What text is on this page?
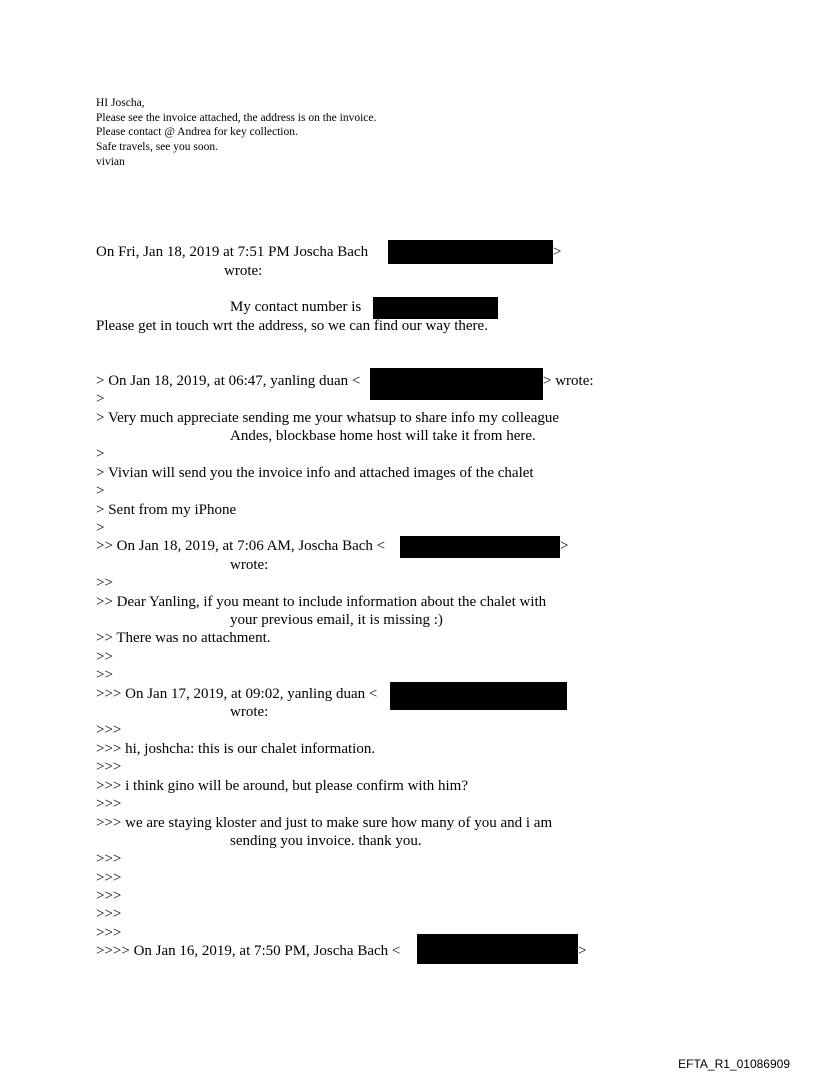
HI Joscha,
Please see the invoice attached, the address is on the invoice.
Please contact @ Andrea for key collection.
Safe travels, see you soon.
vivian
On Fri, Jan 18, 2019 at 7:51 PM Joscha Bach	>
wrote:
My contact number is
Please get in touch wrt the address, so we can find our way there.
> On Jan 18, 2019, at 06:47, yanling duan <	> wrote:
>
> Very much appreciate sending me your whatsup to share info my colleague
Andes, blockbase home host will take it from here.
>
> Vivian will send you the invoice info and attached images of the chalet
>
> Sent from my iPhone
>
>> On Jan 18, 2019, at 7:06 AM, Joscha Bach <	>
wrote:
>>
>> Dear Yanling, if you meant to include information about the chalet with
your previous email, it is missing :)
>> There was no attachment.
>>
>>
>>> On Jan 17, 2019, at 09:02, yanling duan <
wrote:
>>>
>>> hi, joshcha: this is our chalet information.
>>>
>>> i think gino will be around, but please confirm with him?
>>>
>>> we are staying kloster and just to make sure how many of you and i am
sending you invoice. thank you.
>>>
>>>
>>>
>>>
>>>
>>>> On Jan 16, 2019, at 7:50 PM, Joscha Bach <	>
EFTA_R1_01086909
